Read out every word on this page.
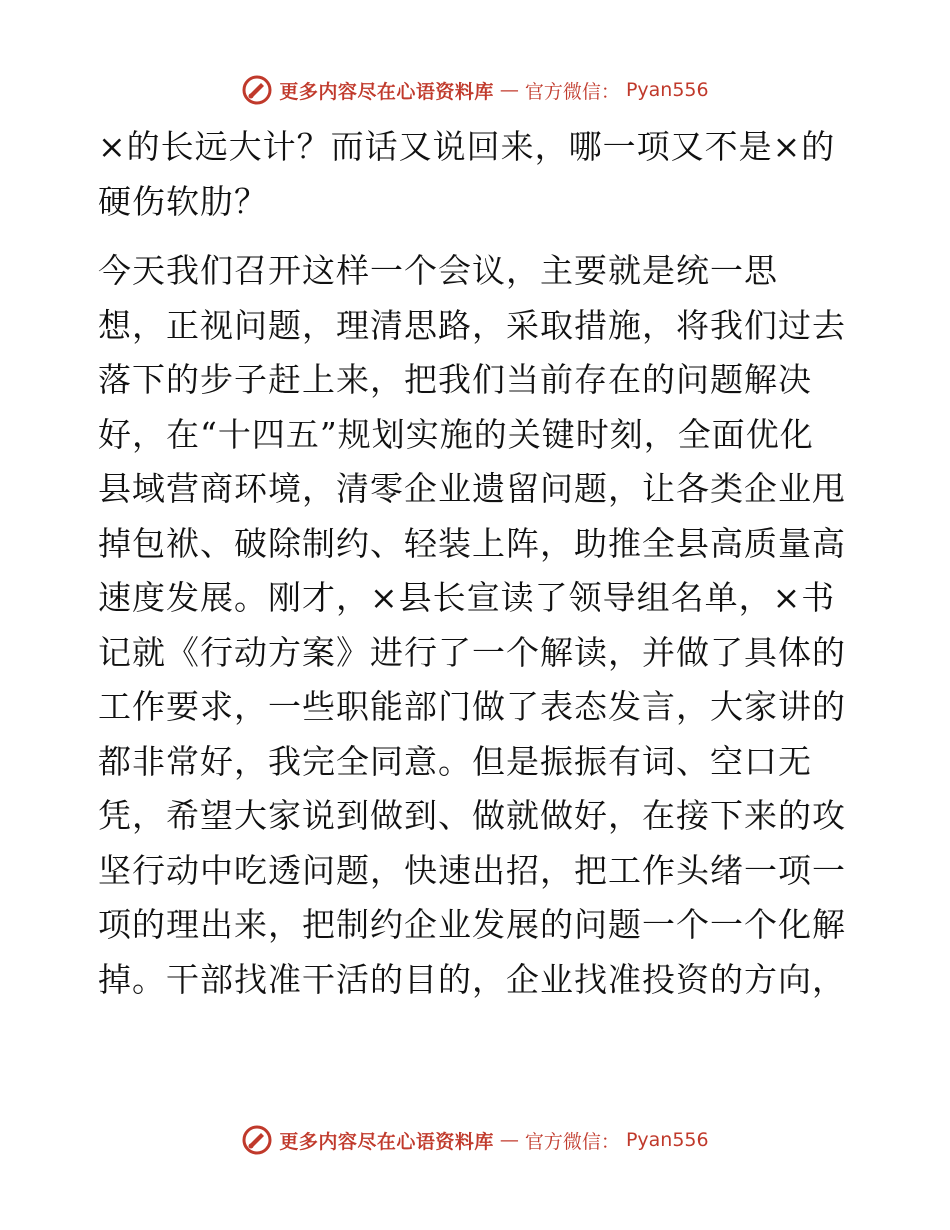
更多内容尽在心语资料库 — 官方微信： Pyan556

×的长远大计？而话又说回来，哪一项又不是×的
硬伤软肋？

今天我们召开这样一个会议，主要就是统一思
想，正视问题，理清思路，采取措施，将我们过去
落下的步子赶上来，把我们当前存在的问题解决
好，在“十四五”规划实施的关键时刻，全面优化
县域营商环境，清零企业遗留问题，让各类企业甩
掉包袱、破除制约、轻装上阵，助推全县高质量高
速度发展。刚才，×县长宣读了领导组名单，×书
记就《行动方案》进行了一个解读，并做了具体的
工作要求，一些职能部门做了表态发言，大家讲的
都非常好，我完全同意。但是振振有词、空口无
凭，希望大家说到做到、做就做好，在接下来的攻
坚行动中吃透问题，快速出招，把工作头绪一项一
项的理出来，把制约企业发展的问题一个一个化解
掉。干部找准干活的目的，企业找准投资的方向，

更多内容尽在心语资料库 — 官方微信： Pyan556
